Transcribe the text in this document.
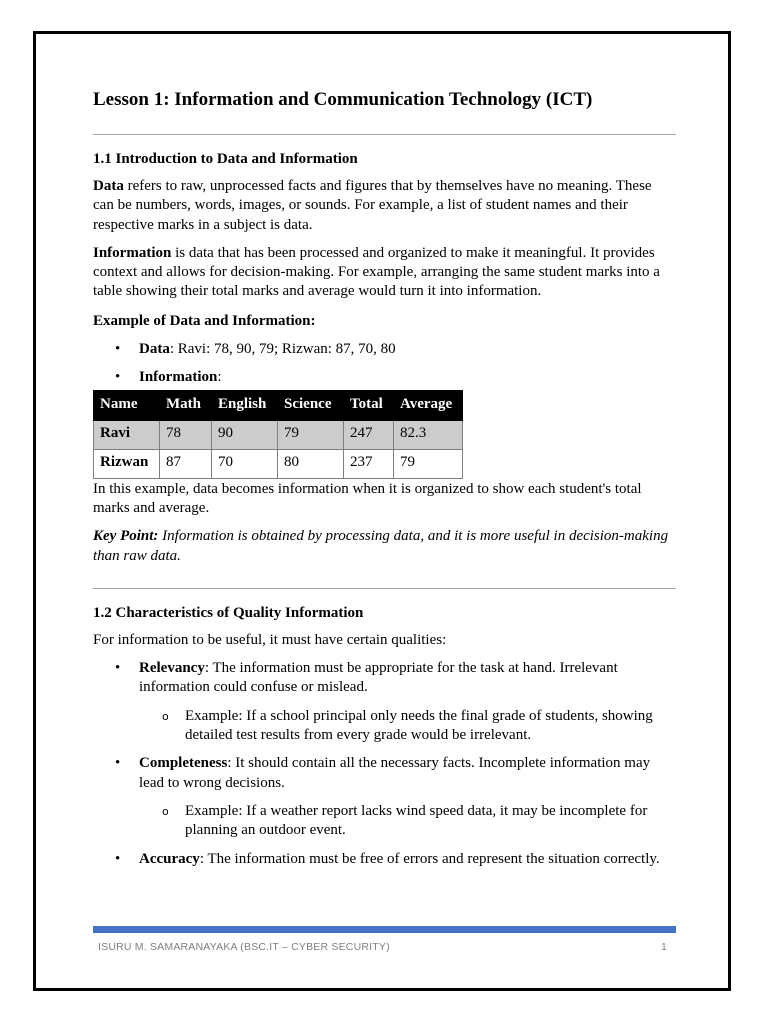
Lesson 1: Information and Communication Technology (ICT)
1.1 Introduction to Data and Information

Data refers to raw, unprocessed facts and figures that by themselves have no meaning. These can be numbers, words, images, or sounds. For example, a list of student names and their respective marks in a subject is data.

Information is data that has been processed and organized to make it meaningful. It provides context and allows for decision-making. For example, arranging the same student marks into a table showing their total marks and average would turn it into information.

Example of Data and Information:

• Data: Ravi: 78, 90, 79; Rizwan: 87, 70, 80
• Information:
Name	Math	English	Science	Total	Average
Ravi	78	90	79	247	82.3
Rizwan	87	70	80	237	79

In this example, data becomes information when it is organized to show each student's total marks and average.

Key Point: Information is obtained by processing data, and it is more useful in decision-making than raw data.

1.2 Characteristics of Quality Information

For information to be useful, it must have certain qualities:

• Relevancy: The information must be appropriate for the task at hand. Irrelevant information could confuse or mislead.
o Example: If a school principal only needs the final grade of students, showing detailed test results from every grade would be irrelevant.
• Completeness: It should contain all the necessary facts. Incomplete information may lead to wrong decisions.
o Example: If a weather report lacks wind speed data, it may be incomplete for planning an outdoor event.
• Accuracy: The information must be free of errors and represent the situation correctly.
ISURU M. SAMARANAYAKA (BSC.IT – CYBER SECURITY)	1
